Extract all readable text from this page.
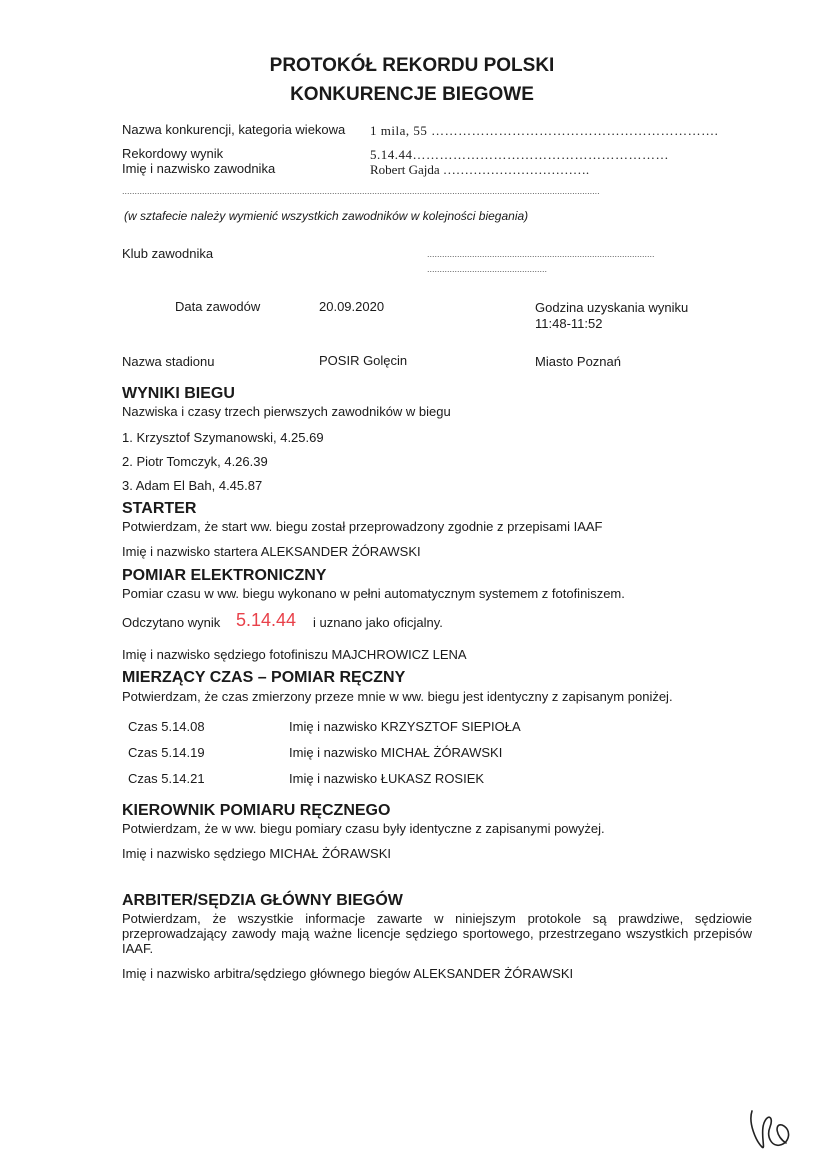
PROTOKÓŁ REKORDU POLSKI
KONKURENCJE BIEGOWE
Nazwa konkurencji, kategoria wiekowa 1 mila, 55 ……………………………………………………….
Rekordowy wynik	5.14.44…………………………………………………
Imię i nazwisko zawodnika	Robert Gajda …………………………….
...............................................................................................................................................................................................
(w sztafecie należy wymienić wszystkich zawodników w kolejności biegania)
Klub zawodnika	...........................................................................................
................................................
Data zawodów	20.09.2020	Godzina uzyskania wyniku
11:48-11:52
Nazwa stadionu	POSIR Golęcin	Miasto Poznań
WYNIKI BIEGU
Nazwiska i czasy trzech pierwszych zawodników w biegu
1. Krzysztof Szymanowski, 4.25.69
2. Piotr Tomczyk, 4.26.39
3. Adam El Bah, 4.45.87
STARTER
Potwierdzam, że start ww. biegu został przeprowadzony zgodnie z przepisami IAAF
Imię i nazwisko startera ALEKSANDER ŻÓRAWSKI
POMIAR ELEKTRONICZNY
Pomiar czasu w ww. biegu wykonano w pełni automatycznym systemem z fotofiniszem.
Odczytano wynik 5.14.44 i uznano jako oficjalny.
Imię i nazwisko sędziego fotofiniszu MAJCHROWICZ LENA
MIERZĄCY CZAS – POMIAR RĘCZNY
Potwierdzam, że czas zmierzony przeze mnie w ww. biegu jest identyczny z zapisanym poniżej.
Czas 5.14.08	Imię i nazwisko KRZYSZTOF SIEPIOŁA
Czas 5.14.19	Imię i nazwisko MICHAŁ ŻÓRAWSKI
Czas 5.14.21	Imię i nazwisko ŁUKASZ ROSIEK
KIEROWNIK POMIARU RĘCZNEGO
Potwierdzam, że w ww. biegu pomiary czasu były identyczne z zapisanymi powyżej.
Imię i nazwisko sędziego MICHAŁ ŻÓRAWSKI
ARBITER/SĘDZIA GŁÓWNY BIEGÓW
Potwierdzam, że wszystkie informacje zawarte w niniejszym protokole są prawdziwe, sędziowie przeprowadzający zawody mają ważne licencje sędziego sportowego, przestrzegano wszystkich przepisów IAAF.
Imię i nazwisko arbitra/sędziego głównego biegów ALEKSANDER ŻÓRAWSKI
